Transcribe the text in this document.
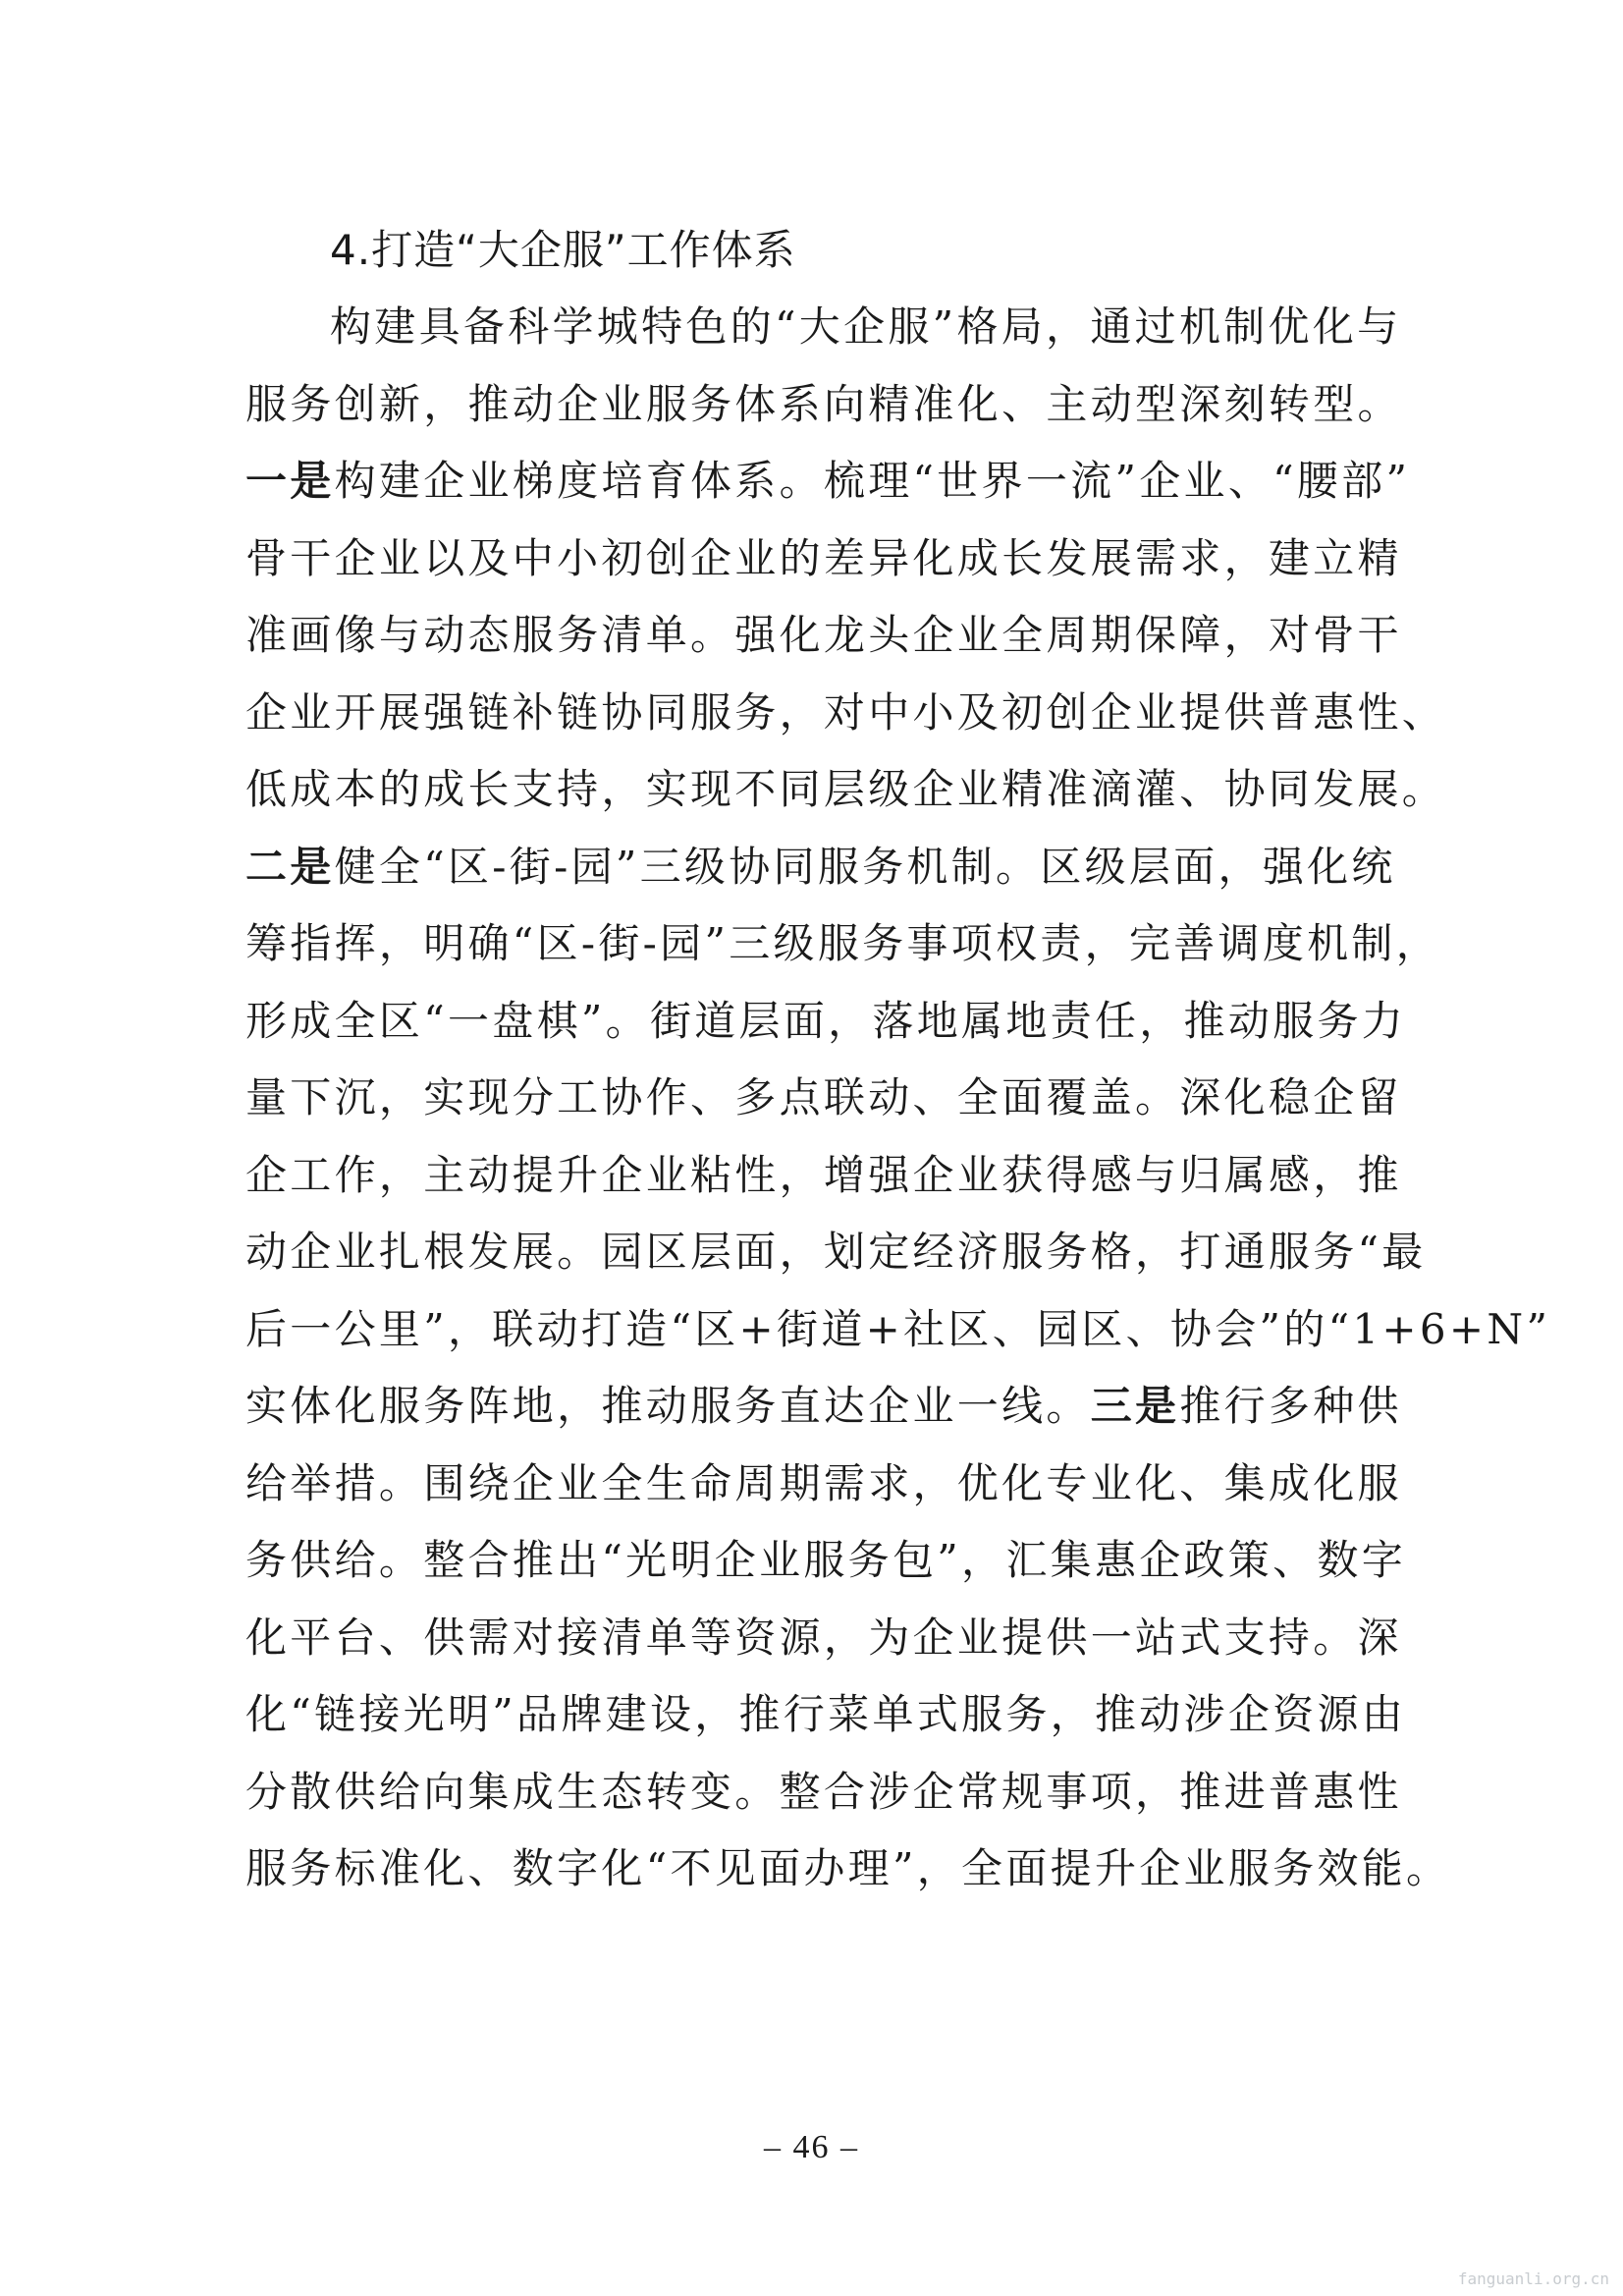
4.打造“大企服”工作体系
构建具备科学城特色的“大企服”格局，通过机制优化与
服务创新，推动企业服务体系向精准化、主动型深刻转型。
一是构建企业梯度培育体系。梳理“世界一流”企业、“腰部”
骨干企业以及中小初创企业的差异化成长发展需求，建立精
准画像与动态服务清单。强化龙头企业全周期保障，对骨干
企业开展强链补链协同服务，对中小及初创企业提供普惠性、
低成本的成长支持，实现不同层级企业精准滴灌、协同发展。
二是健全“区-街-园”三级协同服务机制。区级层面，强化统
筹指挥，明确“区-街-园”三级服务事项权责，完善调度机制，
形成全区“一盘棋”。街道层面，落地属地责任，推动服务力
量下沉，实现分工协作、多点联动、全面覆盖。深化稳企留
企工作，主动提升企业粘性，增强企业获得感与归属感，推
动企业扎根发展。园区层面，划定经济服务格，打通服务“最
后一公里”，联动打造“区+街道+社区、园区、协会”的“1+6+N”
实体化服务阵地，推动服务直达企业一线。三是推行多种供
给举措。围绕企业全生命周期需求，优化专业化、集成化服
务供给。整合推出“光明企业服务包”，汇集惠企政策、数字
化平台、供需对接清单等资源，为企业提供一站式支持。深
化“链接光明”品牌建设，推行菜单式服务，推动涉企资源由
分散供给向集成生态转变。整合涉企常规事项，推进普惠性
服务标准化、数字化“不见面办理”，全面提升企业服务效能。
– 46 –
fanguanli.org.cn
